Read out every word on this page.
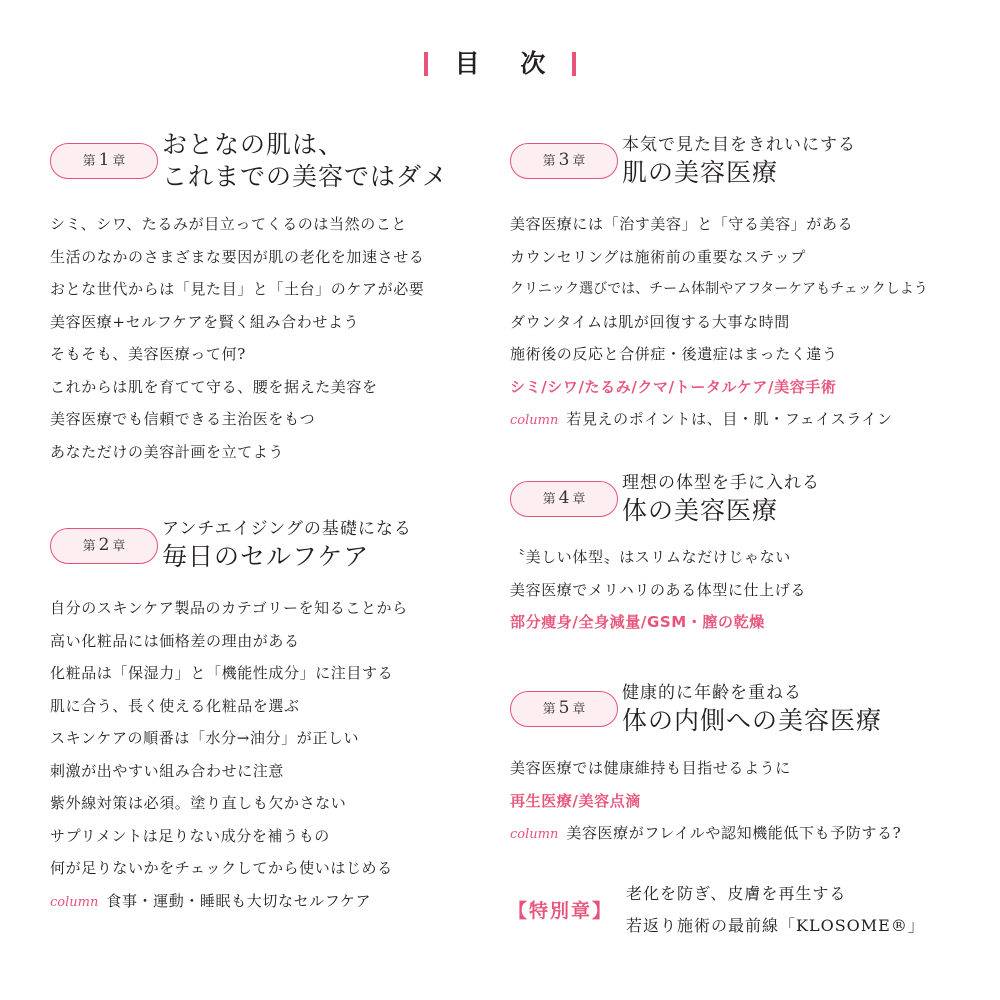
目 次
第 1 章
おとなの肌は、
これまでの美容ではダメ
シミ、シワ、たるみが目立ってくるのは当然のこと
生活のなかのさまざまな要因が肌の老化を加速させる
おとな世代からは「見た目」と「土台」のケアが必要
美容医療+セルフケアを賢く組み合わせよう
そもそも、美容医療って何?
これからは肌を育てて守る、腰を据えた美容を
美容医療でも信頼できる主治医をもつ
あなただけの美容計画を立てよう
第 2 章
アンチエイジングの基礎になる
毎日のセルフケア
自分のスキンケア製品のカテゴリーを知ることから
高い化粧品には価格差の理由がある
化粧品は「保湿力」と「機能性成分」に注目する
肌に合う、長く使える化粧品を選ぶ
スキンケアの順番は「水分→油分」が正しい
刺激が出やすい組み合わせに注意
紫外線対策は必須。塗り直しも欠かさない
サプリメントは足りない成分を補うもの
何が足りないかをチェックしてから使いはじめる
column 食事・運動・睡眠も大切なセルフケア
第 3 章
本気で見た目をきれいにする
肌の美容医療
美容医療には「治す美容」と「守る美容」がある
カウンセリングは施術前の重要なステップ
クリニック選びでは、チーム体制やアフターケアもチェックしよう
ダウンタイムは肌が回復する大事な時間
施術後の反応と合併症・後遺症はまったく違う
シミ/シワ/たるみ/クマ/トータルケア/美容手術
column 若見えのポイントは、目・肌・フェイスライン
第 4 章
理想の体型を手に入れる
体の美容医療
〝美しい体型〟はスリムなだけじゃない
美容医療でメリハリのある体型に仕上げる
部分痩身/全身減量/GSM・膣の乾燥
第 5 章
健康的に年齢を重ねる
体の内側への美容医療
美容医療では健康維持も目指せるように
再生医療/美容点滴
column 美容医療がフレイルや認知機能低下も予防する?
【特別章】
老化を防ぎ、皮膚を再生する
若返り施術の最前線「KLOSOME®」
